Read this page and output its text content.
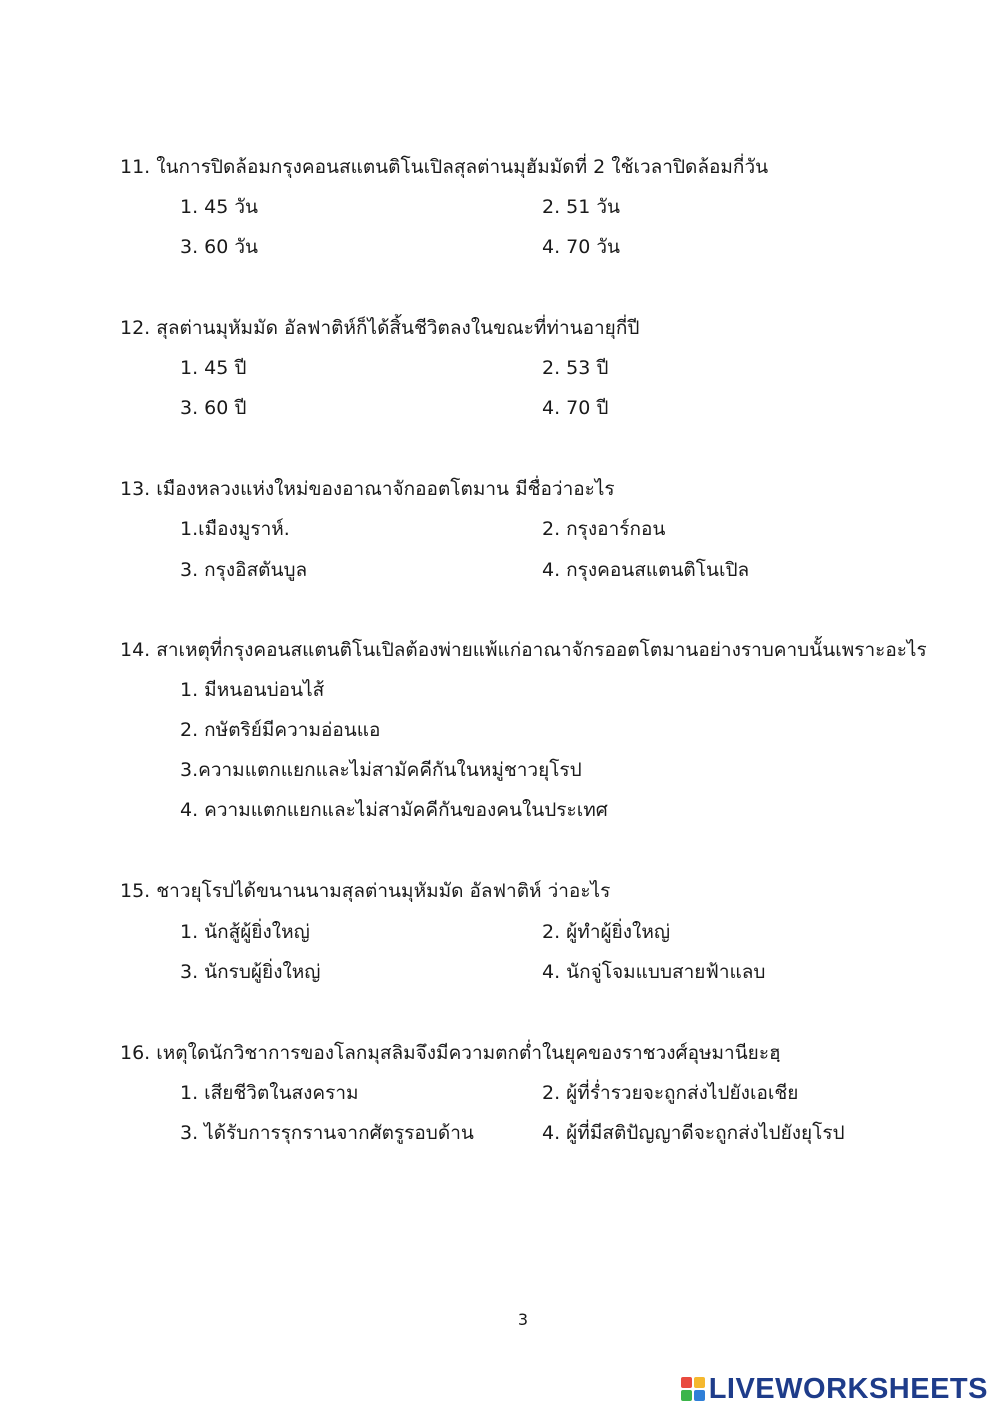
11. ในการปิดล้อมกรุงคอนสแตนติโนเปิลสุลต่านมุฮัมมัดที่ 2 ใช้เวลาปิดล้อมกี่วัน
1. 45 วัน	2. 51 วัน
3. 60 วัน	4. 70 วัน
12. สุลต่านมุหัมมัด อัลฟาติห์ก็ได้สิ้นชีวิตลงในขณะที่ท่านอายุกี่ปี
1. 45 ปี	2. 53 ปี
3. 60 ปี	4. 70 ปี
13. เมืองหลวงแห่งใหม่ของอาณาจักออตโตมาน มีชื่อว่าอะไร
1.เมืองมูราห์.	2. กรุงอาร์กอน
3. กรุงอิสตันบูล	4. กรุงคอนสแตนติโนเปิล
14. สาเหตุที่กรุงคอนสแตนติโนเปิลต้องพ่ายแพ้แก่อาณาจักรออตโตมานอย่างราบคาบนั้นเพราะอะไร
1. มีหนอนบ่อนไส้
2. กษัตริย์มีความอ่อนแอ
3.ความแตกแยกและไม่สามัคคีกันในหมู่ชาวยุโรป
4. ความแตกแยกและไม่สามัคคีกันของคนในประเทศ
15. ชาวยุโรปได้ขนานนามสุลต่านมุหัมมัด อัลฟาติห์ ว่าอะไร
1. นักสู้ผู้ยิ่งใหญ่	2. ผู้ทำผู้ยิ่งใหญ่
3. นักรบผู้ยิ่งใหญ่	4. นักจู่โจมแบบสายฟ้าแลบ
16. เหตุใดนักวิชาการของโลกมุสลิมจึงมีความตกต่ำในยุคของราชวงศ์อุษมานียะฮฺ
1. เสียชีวิตในสงคราม	2. ผู้ที่ร่ำรวยจะถูกส่งไปยังเอเชีย
3. ได้รับการรุกรานจากศัตรูรอบด้าน	4. ผู้ที่มีสติปัญญาดีจะถูกส่งไปยังยุโรป
3
LIVEWORKSHEETS
